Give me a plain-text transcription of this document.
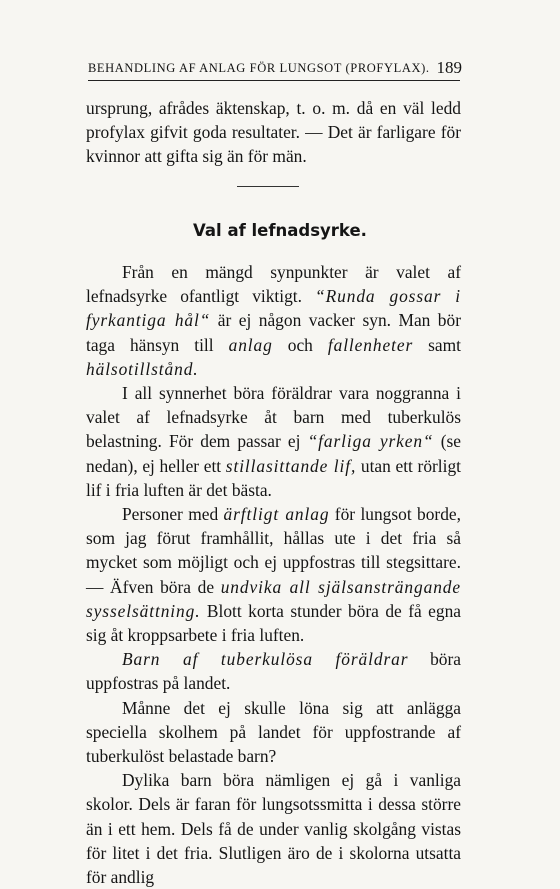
BEHANDLING AF ANLAG FÖR LUNGSOT (PROFYLAX). 189

ursprung, afrådes äktenskap, t. o. m. då en väl ledd

profylax gifvit goda resultater. — Det är farligare för

kvinnor att gifta sig än för män.

Val af lefnadsyrke.

Från en mängd synpunkter är valet af lefnadsyrke ofantligt viktigt. “Runda gossar i fyrkantiga hål“ är ej någon vacker syn. Man bör taga hänsyn till anlag och fallenheter samt hälsotillstånd.

I all synnerhet böra föräldrar vara noggranna i valet af lefnadsyrke åt barn med tuberkulös belastning. För dem passar ej “farliga yrken“ (se nedan), ej heller ett stillasittande lif, utan ett rörligt lif i fria luften är det bästa.

Personer med ärftligt anlag för lungsot borde, som jag förut framhållit, hållas ute i det fria så mycket som möjligt och ej uppfostras till stegsittare. — Äfven böra de undvika all själsansträngande sysselsättning. Blott korta stunder böra de få egna sig åt kroppsarbete i fria luften.

Barn af tuberkulösa föräldrar böra uppfostras på landet.

Månne det ej skulle löna sig att anlägga speciella skolhem på landet för uppfostrande af tuberkulöst belastade barn?

Dylika barn böra nämligen ej gå i vanliga skolor. Dels är faran för lungsotssmitta i dessa större än i ett hem. Dels få de under vanlig skolgång vistas för litet i det fria. Slutligen äro de i skolorna utsatta för andlig
